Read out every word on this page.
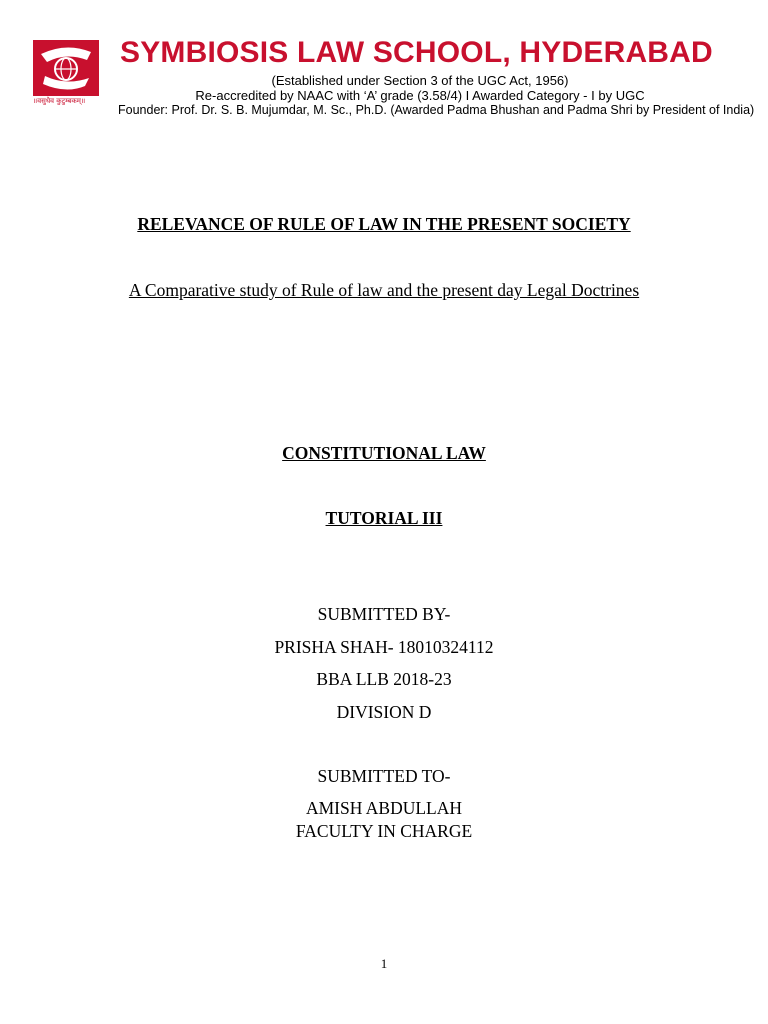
॥वसुधैव कुटुम्बकम्॥
SYMBIOSIS LAW SCHOOL, HYDERABAD
(Established under Section 3 of the UGC Act, 1956)
Re-accredited by NAAC with ‘A’ grade (3.58/4) I Awarded Category - I by UGC
Founder: Prof. Dr. S. B. Mujumdar, M. Sc., Ph.D. (Awarded Padma Bhushan and Padma Shri by President of India)
RELEVANCE OF RULE OF LAW IN THE PRESENT SOCIETY
A Comparative study of Rule of law and the present day Legal Doctrines
CONSTITUTIONAL LAW
TUTORIAL III
SUBMITTED BY-
PRISHA SHAH- 18010324112
BBA LLB 2018-23
DIVISION D
SUBMITTED TO-
AMISH ABDULLAH
FACULTY IN CHARGE
1
